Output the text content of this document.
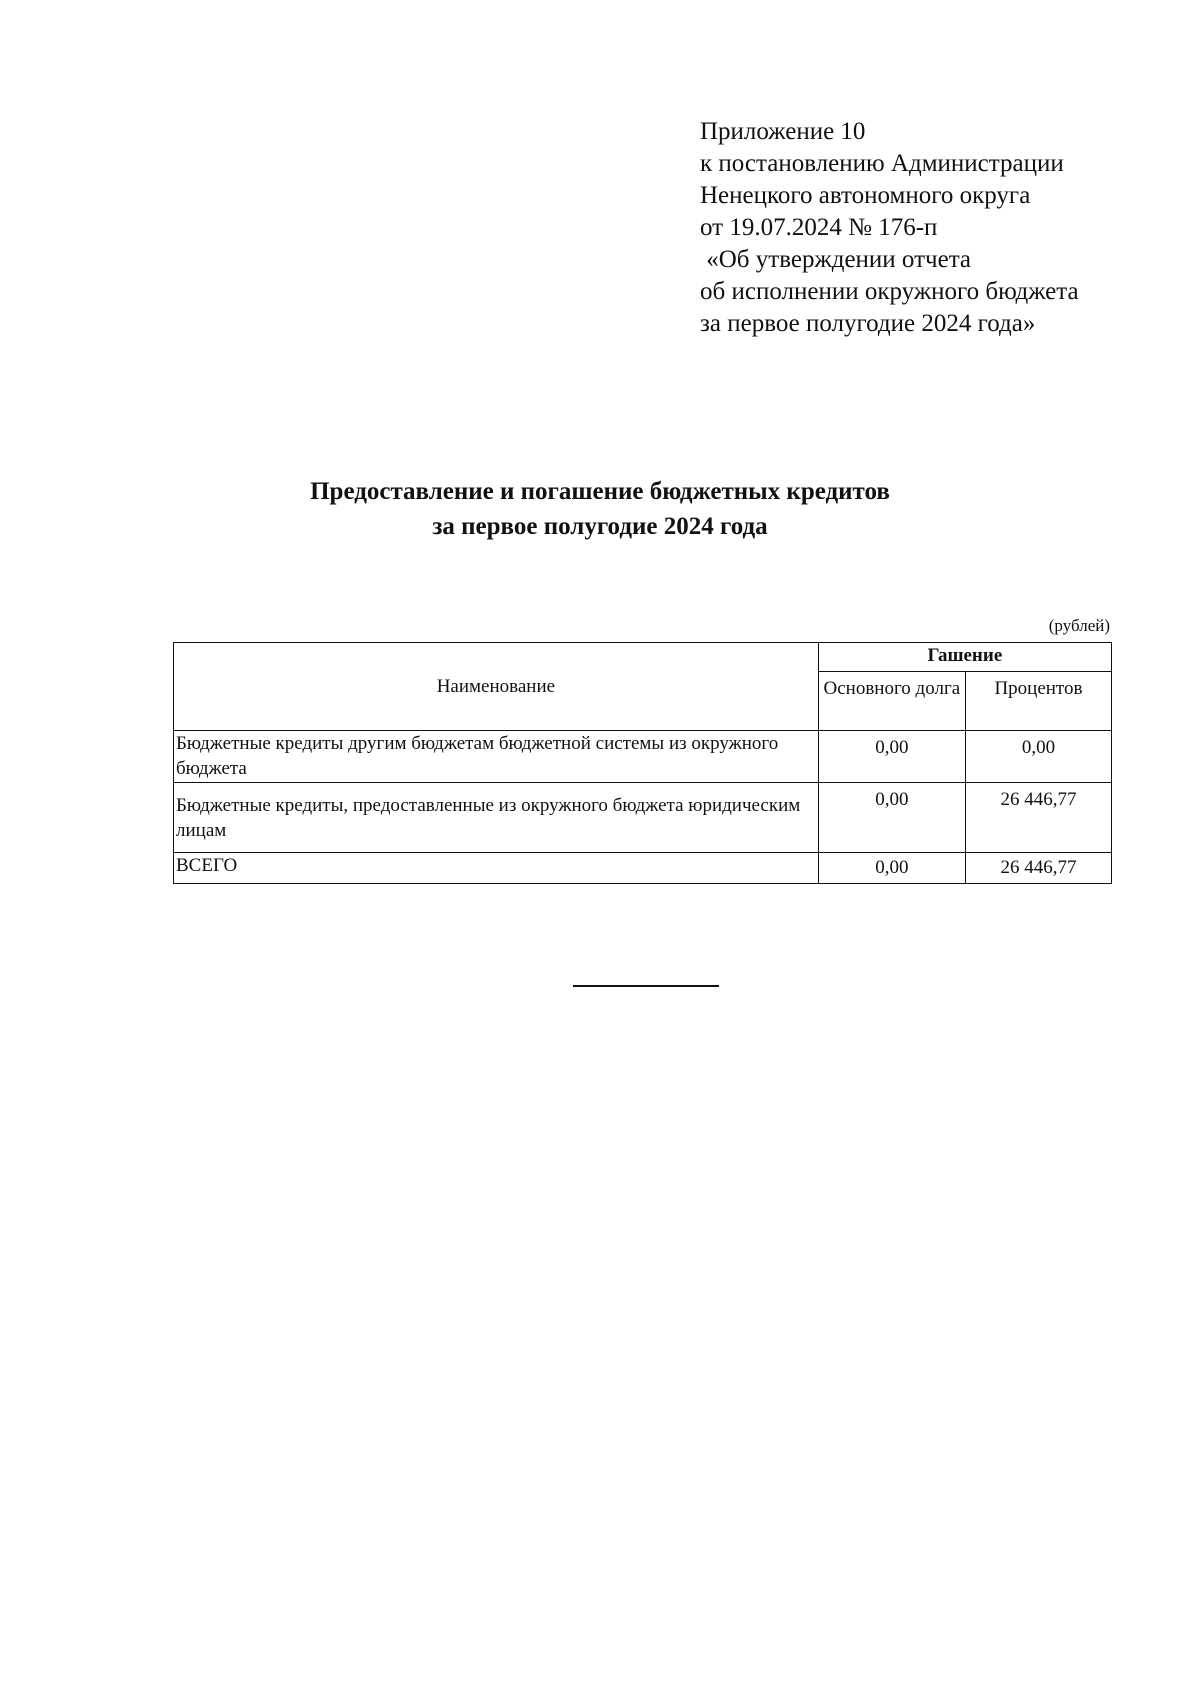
Приложение 10
к постановлению Администрации
Ненецкого автономного округа
от 19.07.2024 № 176-п
«Об утверждении отчета
об исполнении окружного бюджета
за первое полугодие 2024 года»
Предоставление и погашение бюджетных кредитов
за первое полугодие 2024 года
(рублей)
Наименование	Гашение	
	Основного долга	Процентов
Бюджетные кредиты другим бюджетам бюджетной системы из окружного бюджета	0,00	0,00

Бюджетные кредиты, предоставленные из окружного бюджета юридическим лицам	0,00	26 446,77
ВСЕГО	0,00	26 446,77
